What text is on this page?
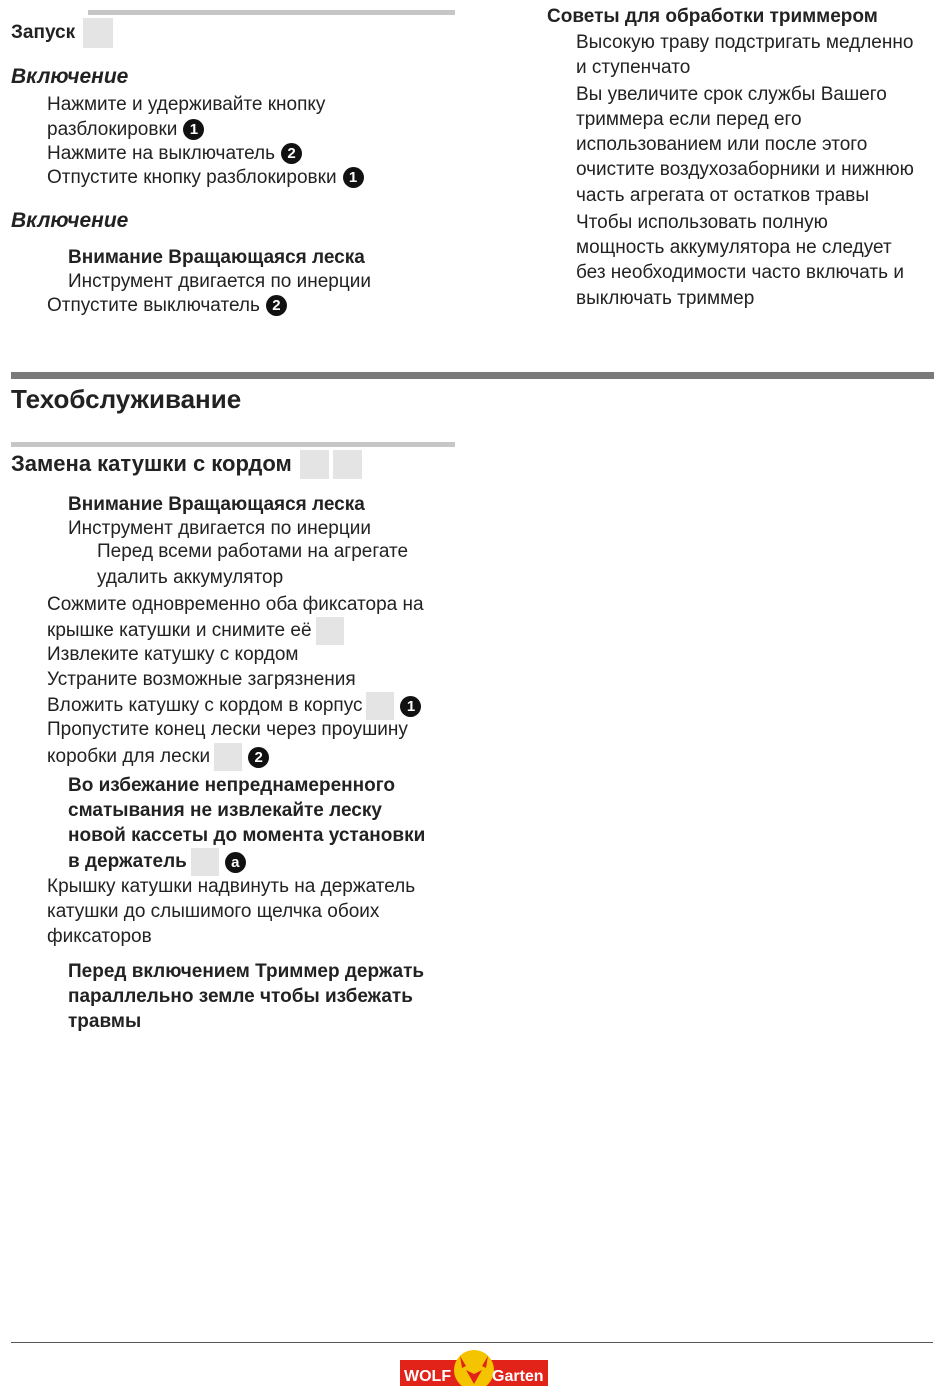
Запуск
Включение
Нажмите и удерживайте кнопку
разблокировки 1
Нажмите на выключатель 2
Отпустите кнопку разблокировки 1
Включение
Внимание Вращающаяся леска
Инструмент двигается по инерции
Отпустите выключатель 2
Советы для обработки триммером
Высокую траву подстригать медленно
и ступенчато
Вы увеличите срок службы Вашего
триммера если перед его
использованием или после этого
очистите воздухозаборники и нижнюю
часть агрегата от остатков травы
Чтобы использовать полную
мощность аккумулятора не следует
без необходимости часто включать и
выключать триммер
Техобслуживание
Замена катушки с кордом
Внимание Вращающаяся леска
Инструмент двигается по инерции
Перед всеми работами на агрегате
удалить аккумулятор
Сожмите одновременно оба фиксатора на
крышке катушки и снимите её
Извлеките катушку с кордом
Устраните возможные загрязнения
Вложить катушку с кордом в корпус	1
Пропустите конец лески через проушину
коробки для лески	2
Во избежание непреднамеренного
сматывания не извлекайте леску
новой кассеты до момента установки
в держатель	a
Крышку катушки надвинуть на держатель
катушки до слышимого щелчка обоих
фиксаторов
Перед включением Триммер держать
параллельно земле чтобы избежать
травмы
WOLF	Garten
